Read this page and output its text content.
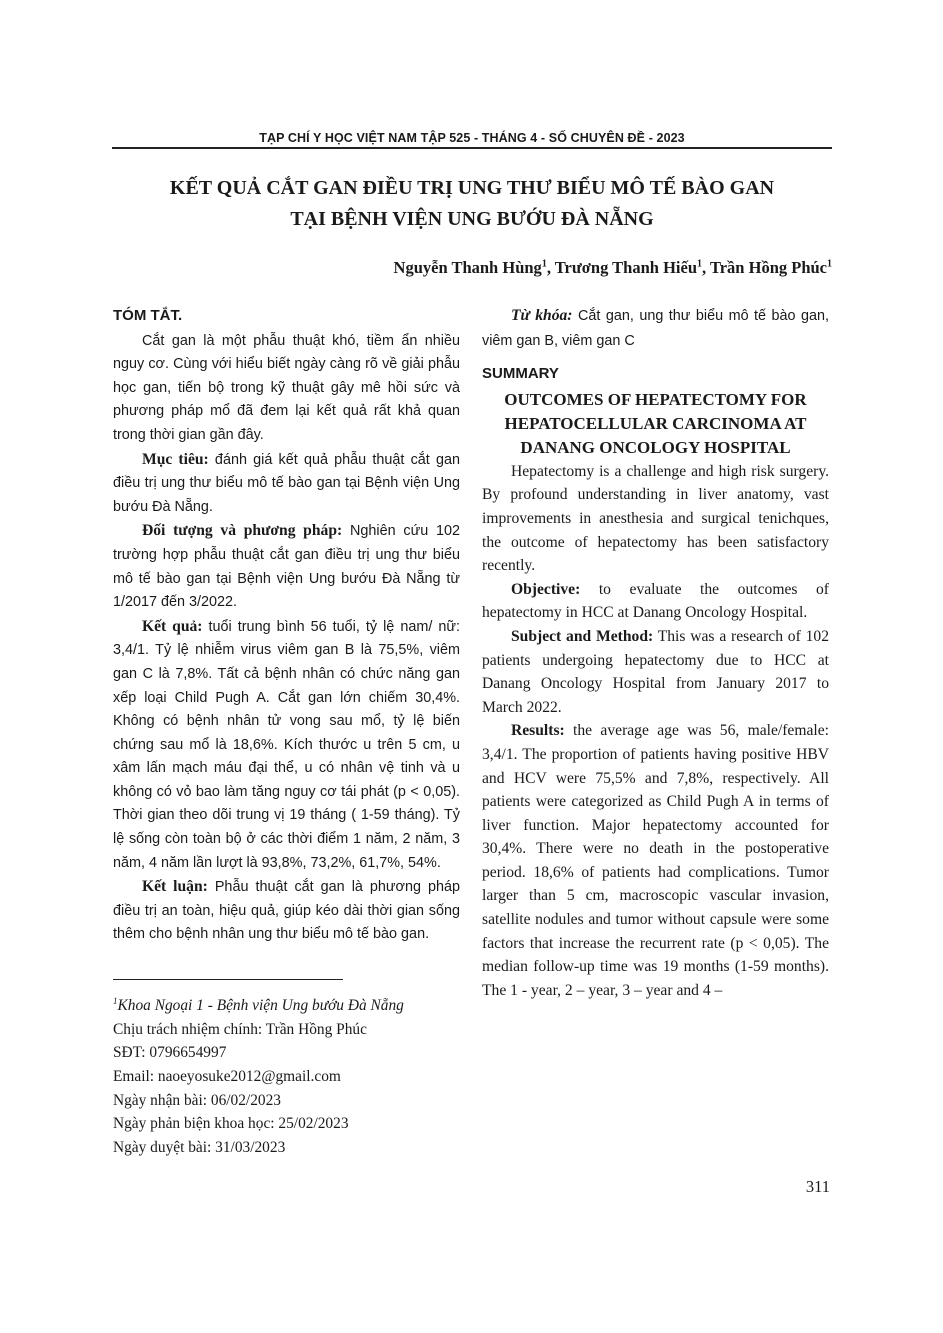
TẠP CHÍ Y HỌC VIỆT NAM TẬP 525 - THÁNG 4 - SỐ CHUYÊN ĐỀ - 2023
KẾT QUẢ CẮT GAN ĐIỀU TRỊ UNG THƯ BIỂU MÔ TẾ BÀO GAN
TẠI BỆNH VIỆN UNG BƯỚU ĐÀ NẴNG
Nguyễn Thanh Hùng$^1$, Trương Thanh Hiếu$^1$, Trần Hồng Phúc$^1$
TÓM TẮT.

Cắt gan là một phẫu thuật khó, tiềm ẩn nhiều nguy cơ. Cùng với hiểu biết ngày càng rõ về giải phẫu học gan, tiến bộ trong kỹ thuật gây mê hồi sức và phương pháp mổ đã đem lại kết quả rất khả quan trong thời gian gần đây.

Mục tiêu: đánh giá kết quả phẫu thuật cắt gan điều trị ung thư biểu mô tế bào gan tại Bệnh viện Ung bướu Đà Nẵng.

Đối tượng và phương pháp: Nghiên cứu 102 trường hợp phẫu thuật cắt gan điều trị ung thư biểu mô tế bào gan tại Bệnh viện Ung bướu Đà Nẵng từ 1/2017 đến 3/2022.

Kết quả: tuổi trung bình 56 tuổi, tỷ lệ nam/ nữ: 3,4/1. Tỷ lệ nhiễm virus viêm gan B là 75,5%, viêm gan C là 7,8%. Tất cả bệnh nhân có chức năng gan xếp loại Child Pugh A. Cắt gan lớn chiếm 30,4%. Không có bệnh nhân tử vong sau mổ, tỷ lệ biến chứng sau mổ là 18,6%. Kích thước u trên 5 cm, u xâm lấn mạch máu đại thể, u có nhân vệ tinh và u không có vỏ bao làm tăng nguy cơ tái phát (p < 0,05). Thời gian theo dõi trung vị 19 tháng ( 1-59 tháng). Tỷ lệ sống còn toàn bộ ở các thời điểm 1 năm, 2 năm, 3 năm, 4 năm lần lượt là 93,8%, 73,2%, 61,7%, 54%.

Kết luận: Phẫu thuật cắt gan là phương pháp điều trị an toàn, hiệu quả, giúp kéo dài thời gian sống thêm cho bệnh nhân ung thư biểu mô tế bào gan.

$^1$Khoa Ngoại 1 - Bệnh viện Ung bướu Đà Nẵng
Chịu trách nhiệm chính: Trần Hồng Phúc
SĐT: 0796654997
Email: naoeyosuke2012@gmail.com
Ngày nhận bài: 06/02/2023
Ngày phản biện khoa học: 25/02/2023
Ngày duyệt bài: 31/03/2023

Từ khóa: Cắt gan, ung thư biểu mô tế bào gan, viêm gan B, viêm gan C

SUMMARY
OUTCOMES OF HEPATECTOMY FOR HEPATOCELLULAR CARCINOMA AT DANANG ONCOLOGY HOSPITAL

Hepatectomy is a challenge and high risk surgery. By profound understanding in liver anatomy, vast improvements in anesthesia and surgical tenichques, the outcome of hepatectomy has been satisfactory recently.

Objective: to evaluate the outcomes of hepatectomy in HCC at Danang Oncology Hospital.

Subject and Method: This was a research of 102 patients undergoing hepatectomy due to HCC at Danang Oncology Hospital from January 2017 to March 2022.

Results: the average age was 56, male/female: 3,4/1. The proportion of patients having positive HBV and HCV were 75,5% and 7,8%, respectively. All patients were categorized as Child Pugh A in terms of liver function. Major hepatectomy accounted for 30,4%. There were no death in the postoperative period. 18,6% of patients had complications. Tumor larger than 5 cm, macroscopic vascular invasion, satellite nodules and tumor without capsule were some factors that increase the recurrent rate (p < 0,05). The median follow-up time was 19 months (1-59 months). The 1 - year, 2 – year, 3 – year and 4 –

311
